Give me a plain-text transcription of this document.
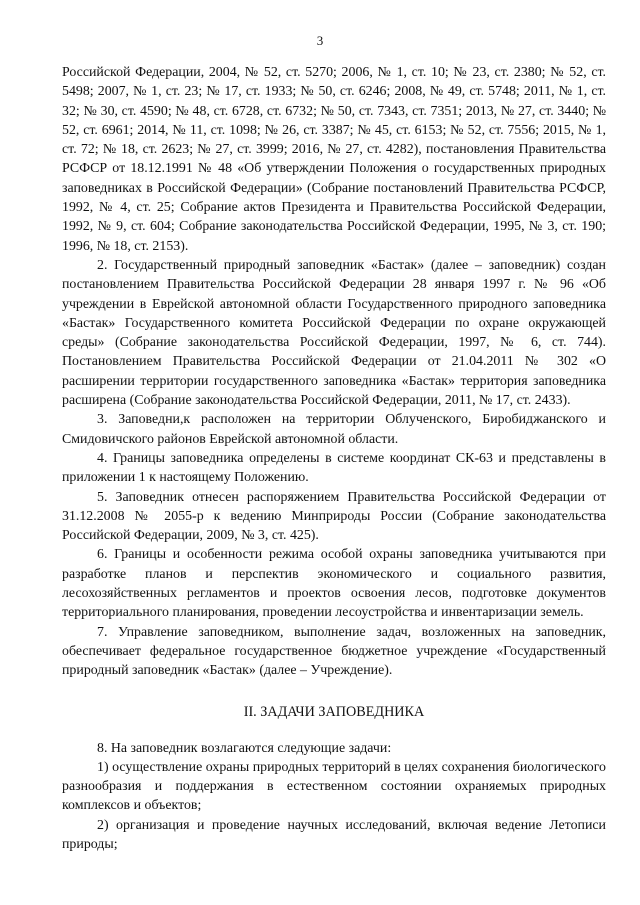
3

Российской Федерации, 2004, № 52, ст. 5270; 2006, № 1, ст. 10; № 23, ст. 2380; № 52, ст. 5498; 2007, № 1, ст. 23; № 17, ст. 1933; № 50, ст. 6246; 2008, № 49, ст. 5748; 2011, № 1, ст. 32; № 30, ст. 4590; № 48, ст. 6728, ст. 6732; № 50, ст. 7343, ст. 7351; 2013, № 27, ст. 3440; № 52, ст. 6961; 2014, № 11, ст. 1098; № 26, ст. 3387; № 45, ст. 6153; № 52, ст. 7556; 2015, № 1, ст. 72; № 18, ст. 2623; № 27, ст. 3999; 2016, № 27, ст. 4282), постановления Правительства РСФСР от 18.12.1991 № 48 «Об утверждении Положения о государственных природных заповедниках в Российской Федерации» (Собрание постановлений Правительства РСФСР, 1992, № 4, ст. 25; Собрание актов Президента и Правительства Российской Федерации, 1992, № 9, ст. 604; Собрание законодательства Российской Федерации, 1995, № 3, ст. 190; 1996, № 18, ст. 2153).

2. Государственный природный заповедник «Бастак» (далее – заповедник) создан постановлением Правительства Российской Федерации 28 января 1997 г. № 96 «Об учреждении в Еврейской автономной области Государственного природного заповедника «Бастак» Государственного комитета Российской Федерации по охране окружающей среды» (Собрание законодательства Российской Федерации, 1997, № 6, ст. 744). Постановлением Правительства Российской Федерации от 21.04.2011 № 302 «О расширении территории государственного заповедника «Бастак» территория заповедника расширена (Собрание законодательства Российской Федерации, 2011, № 17, ст. 2433).

3. Заповедни,к расположен на территории Облученского, Биробиджанского и Смидовичского районов Еврейской автономной области.

4. Границы заповедника определены в системе координат СК-63 и представлены в приложении 1 к настоящему Положению.

5. Заповедник отнесен распоряжением Правительства Российской Федерации от 31.12.2008 № 2055-р к ведению Минприроды России (Собрание законодательства Российской Федерации, 2009, № 3, ст. 425).

6. Границы и особенности режима особой охраны заповедника учитываются при разработке планов и перспектив экономического и социального развития, лесохозяйственных регламентов и проектов освоения лесов, подготовке документов территориального планирования, проведении лесоустройства и инвентаризации земель.

7. Управление заповедником, выполнение задач, возложенных на заповедник, обеспечивает федеральное государственное бюджетное учреждение «Государственный природный заповедник «Бастак» (далее – Учреждение).

II. ЗАДАЧИ ЗАПОВЕДНИКА

8. На заповедник возлагаются следующие задачи:

1) осуществление охраны природных территорий в целях сохранения биологического разнообразия и поддержания в естественном состоянии охраняемых природных комплексов и объектов;

2) организация и проведение научных исследований, включая ведение Летописи природы;
